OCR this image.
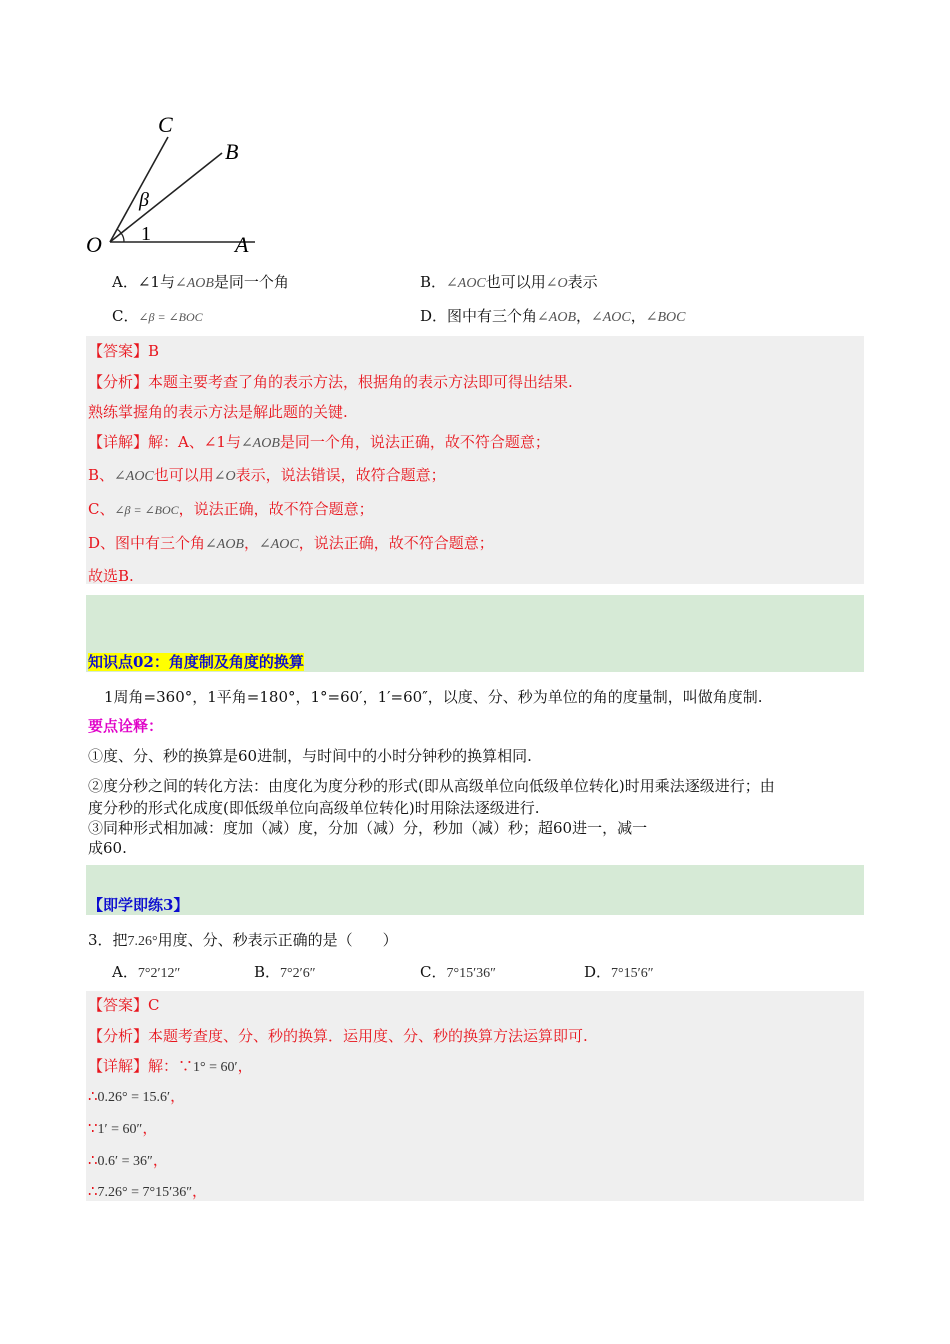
C
B
O	A
β
1
A．∠1与∠AOB是同一个角	B．∠AOC也可以用∠O表示
C．∠β = ∠BOC	D．图中有三个角∠AOB，∠AOC，∠BOC
【答案】B
【分析】本题主要考查了角的表示方法，根据角的表示方法即可得出结果.
熟练掌握角的表示方法是解此题的关键.
【详解】解：A、∠1与∠AOB是同一个角，说法正确，故不符合题意；
B、∠AOC也可以用∠O表示，说法错误，故符合题意；
C、∠β = ∠BOC，说法正确，故不符合题意；
D、图中有三个角∠AOB，∠AOC，说法正确，故不符合题意；
故选B.
知识点02：角度制及角度的换算
1周角=360°，1平角=180°，1°=60′，1′=60″，以度、分、秒为单位的角的度量制，叫做角度制.
要点诠释：
①度、分、秒的换算是60进制，与时间中的小时分钟秒的换算相同.
②度分秒之间的转化方法：由度化为度分秒的形式(即从高级单位向低级单位转化)时用乘法逐级进行；由
度分秒的形式化成度(即低级单位向高级单位转化)时用除法逐级进行.
③同种形式相加减：度加（减）度，分加（减）分，秒加（减）秒；超60进一，减一
成60.
【即学即练3】
3．把7.26°用度、分、秒表示正确的是（　　）
A．7°2′12″	B．7°2′6″	C．7°15′36″	D．7°15′6″
【答案】C
【分析】本题考查度、分、秒的换算．运用度、分、秒的换算方法运算即可.
【详解】解：∵1° = 60′，
∴0.26° = 15.6′，
∵1′ = 60″，
∴0.6′ = 36″，
∴7.26° = 7°15′36″，
